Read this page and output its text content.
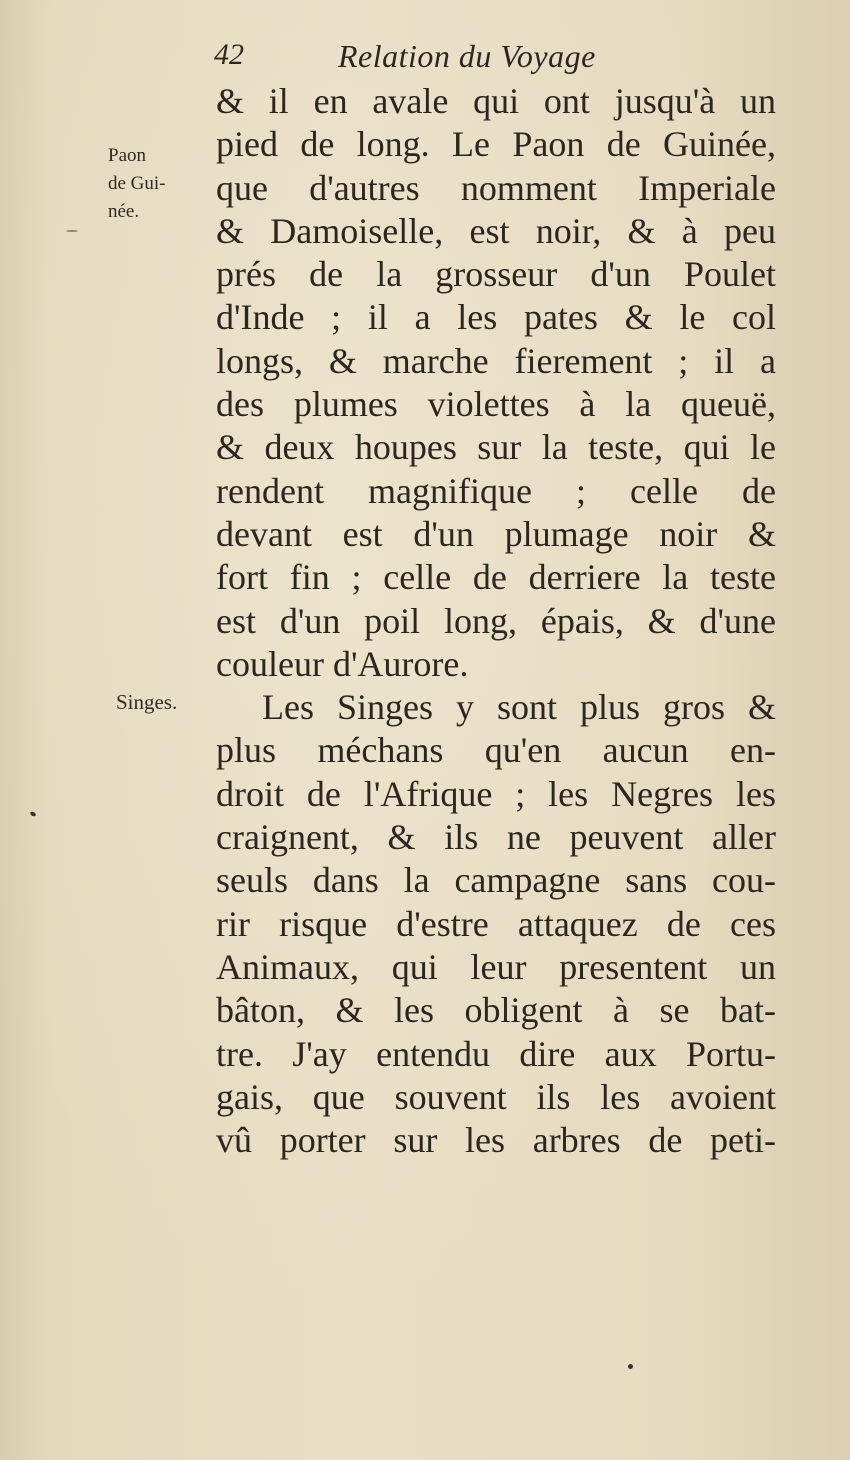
42	Relation du Voyage
Paon
de Gui-
née.
Singes.
& il en avale qui ont jusqu'à un
pied de long. Le Paon de Guinée,
que d'autres nomment Imperiale
& Damoiselle, est noir, & à peu
prés de la grosseur d'un Poulet
d'Inde ; il a les pates & le col
longs, & marche fierement ; il a
des plumes violettes à la queuë,
& deux houpes sur la teste, qui le
rendent magnifique ; celle de
devant est d'un plumage noir &
fort fin ; celle de derriere la teste
est d'un poil long, épais, & d'une
couleur d'Aurore.
Les Singes y sont plus gros &
plus méchans qu'en aucun en-
droit de l'Afrique ; les Negres les
craignent, & ils ne peuvent aller
seuls dans la campagne sans cou-
rir risque d'estre attaquez de ces
Animaux, qui leur presentent un
bâton, & les obligent à se bat-
tre. J'ay entendu dire aux Portu-
gais, que souvent ils les avoient
vû porter sur les arbres de peti-
